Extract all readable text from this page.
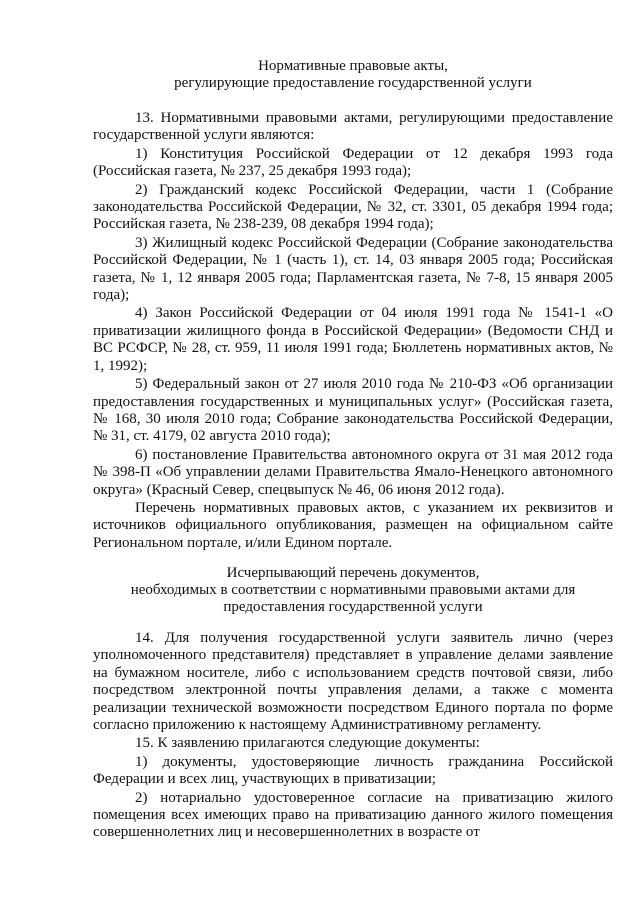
Нормативные правовые акты,
регулирующие предоставление государственной услуги

13. Нормативными правовыми актами, регулирующими предоставление государственной услуги являются:

1) Конституция Российской Федерации от 12 декабря 1993 года (Российская газета, № 237, 25 декабря 1993 года);

2) Гражданский кодекс Российской Федерации, части 1 (Собрание законодательства Российской Федерации, № 32, ст. 3301, 05 декабря 1994 года; Российская газета, № 238-239, 08 декабря 1994 года);

3) Жилищный кодекс Российской Федерации (Собрание законодательства Российской Федерации, № 1 (часть 1), ст. 14, 03 января 2005 года; Российская газета, № 1, 12 января 2005 года; Парламентская газета, № 7-8, 15 января 2005 года);

4) Закон Российской Федерации от 04 июля 1991 года № 1541-1 «О приватизации жилищного фонда в Российской Федерации» (Ведомости СНД и ВС РСФСР, № 28, ст. 959, 11 июля 1991 года; Бюллетень нормативных актов, № 1, 1992);

5) Федеральный закон от 27 июля 2010 года № 210-ФЗ «Об организации предоставления государственных и муниципальных услуг» (Российская газета, № 168, 30 июля 2010 года; Собрание законодательства Российской Федерации, № 31, ст. 4179, 02 августа 2010 года);

6) постановление Правительства автономного округа от 31 мая 2012 года № 398-П «Об управлении делами Правительства Ямало-Ненецкого автономного округа» (Красный Север, спецвыпуск № 46, 06 июня 2012 года).

Перечень нормативных правовых актов, с указанием их реквизитов и источников официального опубликования, размещен на официальном сайте Региональном портале, и/или Едином портале.

Исчерпывающий перечень документов,
необходимых в соответствии с нормативными правовыми актами для
предоставления государственной услуги

14. Для получения государственной услуги заявитель лично (через уполномоченного представителя) представляет в управление делами заявление на бумажном носителе, либо с использованием средств почтовой связи, либо посредством электронной почты управления делами, а также с момента реализации технической возможности посредством Единого портала по форме согласно приложению к настоящему Административному регламенту.

15. К заявлению прилагаются следующие документы:

1) документы, удостоверяющие личность гражданина Российской Федерации и всех лиц, участвующих в приватизации;

2) нотариально удостоверенное согласие на приватизацию жилого помещения всех имеющих право на приватизацию данного жилого помещения совершеннолетних лиц и несовершеннолетних в возрасте от
